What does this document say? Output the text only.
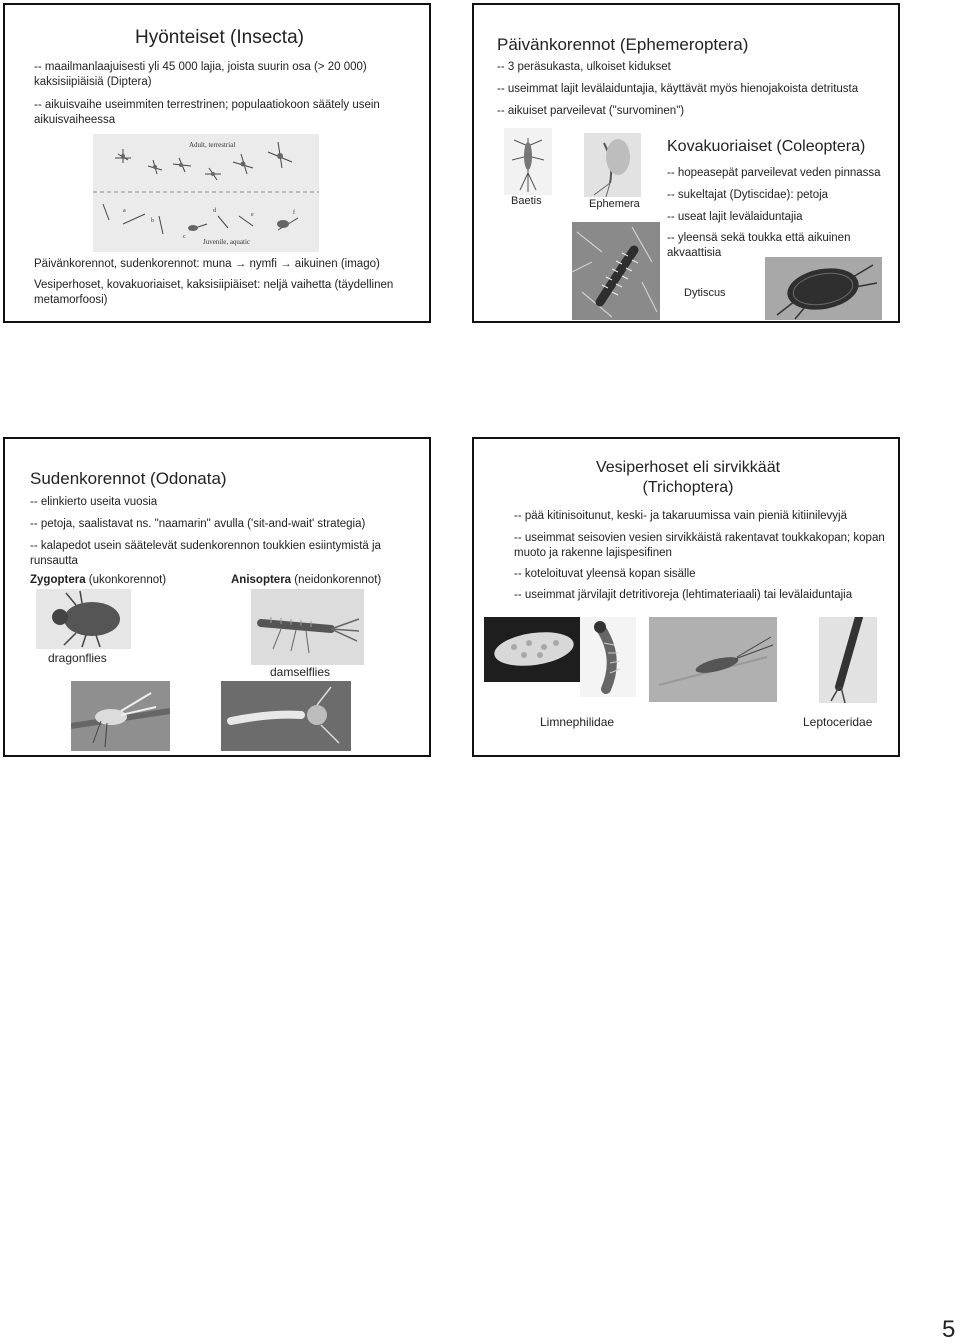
Hyönteiset (Insecta)
-- maailmanlaajuisesti yli 45 000 lajia, joista suurin osa (> 20 000) kaksisiipiäisiä (Diptera)
-- aikuisvaihe useimmiten terrestrinen; populaatiokoon säätely usein aikuisvaiheessa
Adult, terrestrial
Juvenile, aquatic
a
b
c
d
e	f
Päivänkorennot, sudenkorennot: muna → nymfi → aikuinen (imago)
Vesiperhoset, kovakuoriaiset, kaksisiipiäiset: neljä vaihetta (täydellinen metamorfoosi)
Päivänkorennot (Ephemeroptera)
-- 3 peräsukasta, ulkoiset kidukset
-- useimmat lajit levälaiduntajia, käyttävät myös hienojakoista detritusta
-- aikuiset parveilevat ("survominen")
Baetis	Ephemera
Kovakuoriaiset (Coleoptera)
-- hopeasepät parveilevat veden pinnassa
-- sukeltajat (Dytiscidae): petoja
-- useat lajit levälaiduntajia
-- yleensä sekä toukka että aikuinen akvaattisia
Dytiscus
Sudenkorennot (Odonata)
-- elinkierto useita vuosia
-- petoja, saalistavat ns. "naamarin" avulla ('sit-and-wait' strategia)
-- kalapedot usein säätelevät sudenkorennon toukkien esiintymistä ja runsautta
Zygoptera (ukonkorennot)	Anisoptera (neidonkorennot)
dragonflies
damselflies
Vesiperhoset eli sirvikkäät
(Trichoptera)
-- pää kitinisoitunut, keski- ja takaruumissa vain pieniä kitiinilevyjä
-- useimmat seisovien vesien sirvikkäistä rakentavat toukkakopan; kopan muoto ja rakenne lajispesifinen
-- koteloituvat yleensä kopan sisälle
-- useimmat järvilajit detritivoreja (lehtimateriaali) tai levälaiduntajia
Limnephilidae	Leptoceridae
5
